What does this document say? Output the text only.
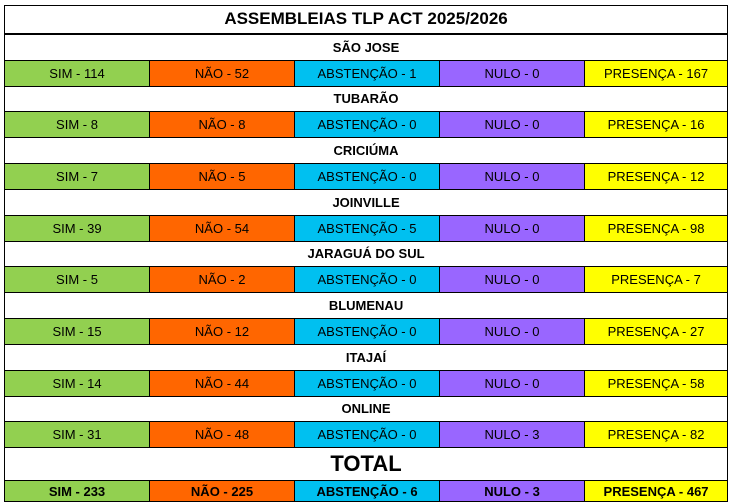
ASSEMBLEIAS TLP ACT 2025/2026				
SÃO JOSE				
SIM - 114	NÃO - 52	ABSTENÇÃO - 1	NULO - 0	PRESENÇA - 167
TUBARÃO				
SIM - 8	NÃO - 8	ABSTENÇÃO - 0	NULO - 0	PRESENÇA - 16
CRICIÚMA				
SIM - 7	NÃO - 5	ABSTENÇÃO - 0	NULO - 0	PRESENÇA - 12
JOINVILLE				
SIM - 39	NÃO - 54	ABSTENÇÃO - 5	NULO - 0	PRESENÇA - 98
JARAGUÁ DO SUL				
SIM - 5	NÃO - 2	ABSTENÇÃO - 0	NULO - 0	PRESENÇA - 7
BLUMENAU				
SIM - 15	NÃO - 12	ABSTENÇÃO - 0	NULO - 0	PRESENÇA - 27
ITAJAÍ				
SIM - 14	NÃO - 44	ABSTENÇÃO - 0	NULO - 0	PRESENÇA - 58
ONLINE				
SIM - 31	NÃO - 48	ABSTENÇÃO - 0	NULO - 3	PRESENÇA - 82
TOTAL				
SIM - 233	NÃO - 225	ABSTENÇÃO - 6	NULO - 3	PRESENÇA - 467
